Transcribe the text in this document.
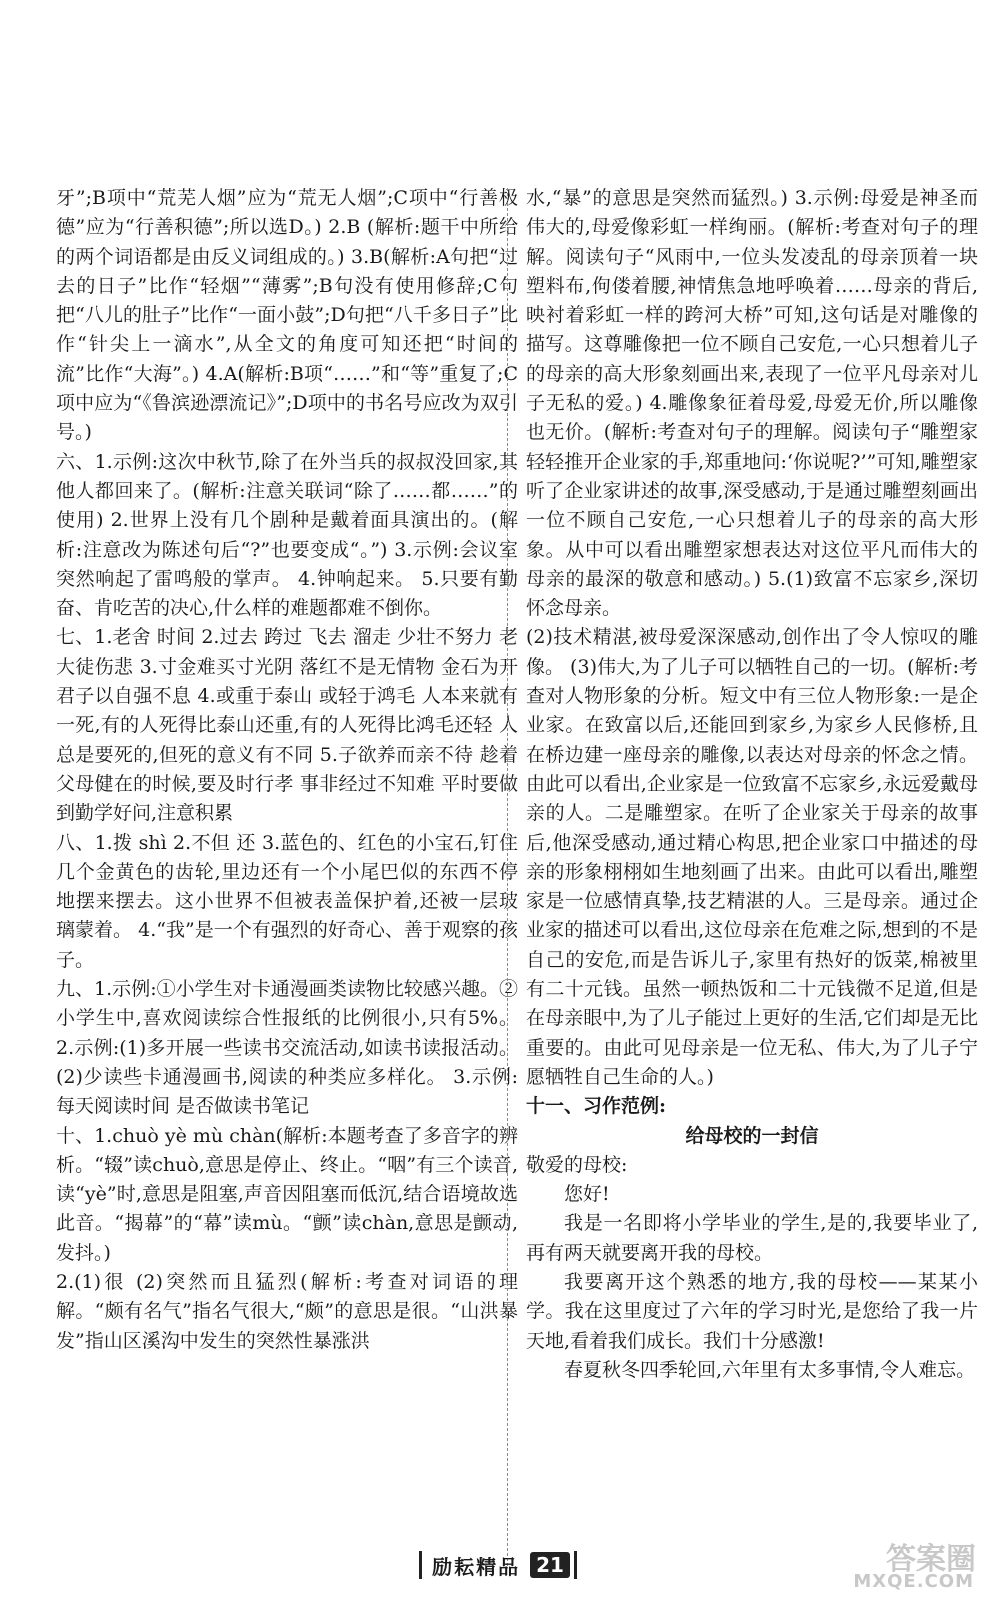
牙”;B项中“荒芜人烟”应为“荒无人烟”;C项中“行善极德”应为“行善积德”;所以选D。) 2.B (解析:题干中所给的两个词语都是由反义词组成的。) 3.B(解析:A句把“过去的日子”比作“轻烟”“薄雾”;B句没有使用修辞;C句把“八儿的肚子”比作“一面小鼓”;D句把“八千多日子”比作“针尖上一滴水”,从全文的角度可知还把“时间的流”比作“大海”。) 4.A(解析:B项“……”和“等”重复了;C项中应为“《鲁滨逊漂流记》”;D项中的书名号应改为双引号。)

六、1.示例:这次中秋节,除了在外当兵的叔叔没回家,其他人都回来了。(解析:注意关联词“除了……都……”的使用) 2.世界上没有几个剧种是戴着面具演出的。(解析:注意改为陈述句后“?”也要变成“。”) 3.示例:会议室突然响起了雷鸣般的掌声。 4.钟响起来。 5.只要有勤奋、肯吃苦的决心,什么样的难题都难不倒你。

七、1.老舍 时间 2.过去 跨过 飞去 溜走 少壮不努力 老大徒伤悲 3.寸金难买寸光阴 落红不是无情物 金石为开 君子以自强不息 4.或重于泰山 或轻于鸿毛 人本来就有一死,有的人死得比泰山还重,有的人死得比鸿毛还轻 人总是要死的,但死的意义有不同 5.子欲养而亲不待 趁着父母健在的时候,要及时行孝 事非经过不知难 平时要做到勤学好问,注意积累

八、1.拨 shì 2.不但 还 3.蓝色的、红色的小宝石,钉住几个金黄色的齿轮,里边还有一个小尾巴似的东西不停地摆来摆去。这小世界不但被表盖保护着,还被一层玻璃蒙着。 4.“我”是一个有强烈的好奇心、善于观察的孩子。

九、1.示例:①小学生对卡通漫画类读物比较感兴趣。②小学生中,喜欢阅读综合性报纸的比例很小,只有5%。 2.示例:(1)多开展一些读书交流活动,如读书读报活动。 (2)少读些卡通漫画书,阅读的种类应多样化。 3.示例:每天阅读时间 是否做读书笔记

十、1.chuò yè mù chàn(解析:本题考查了多音字的辨析。“辍”读chuò,意思是停止、终止。“咽”有三个读音,读“yè”时,意思是阻塞,声音因阻塞而低沉,结合语境故选此音。“揭幕”的“幕”读mù。“颤”读chàn,意思是颤动,发抖。)

2.(1)很 (2)突然而且猛烈(解析:考查对词语的理解。“颇有名气”指名气很大,“颇”的意思是很。“山洪暴发”指山区溪沟中发生的突然性暴涨洪

水,“暴”的意思是突然而猛烈。) 3.示例:母爱是神圣而伟大的,母爱像彩虹一样绚丽。(解析:考查对句子的理解。阅读句子“风雨中,一位头发凌乱的母亲顶着一块塑料布,佝偻着腰,神情焦急地呼唤着……母亲的背后,映衬着彩虹一样的跨河大桥”可知,这句话是对雕像的描写。这尊雕像把一位不顾自己安危,一心只想着儿子的母亲的高大形象刻画出来,表现了一位平凡母亲对儿子无私的爱。) 4.雕像象征着母爱,母爱无价,所以雕像也无价。(解析:考查对句子的理解。阅读句子“雕塑家轻轻推开企业家的手,郑重地问:‘你说呢?’”可知,雕塑家听了企业家讲述的故事,深受感动,于是通过雕塑刻画出一位不顾自己安危,一心只想着儿子的母亲的高大形象。从中可以看出雕塑家想表达对这位平凡而伟大的母亲的最深的敬意和感动。) 5.(1)致富不忘家乡,深切怀念母亲。

(2)技术精湛,被母爱深深感动,创作出了令人惊叹的雕像。 (3)伟大,为了儿子可以牺牲自己的一切。(解析:考查对人物形象的分析。短文中有三位人物形象:一是企业家。在致富以后,还能回到家乡,为家乡人民修桥,且在桥边建一座母亲的雕像,以表达对母亲的怀念之情。由此可以看出,企业家是一位致富不忘家乡,永远爱戴母亲的人。二是雕塑家。在听了企业家关于母亲的故事后,他深受感动,通过精心构思,把企业家口中描述的母亲的形象栩栩如生地刻画了出来。由此可以看出,雕塑家是一位感情真挚,技艺精湛的人。三是母亲。通过企业家的描述可以看出,这位母亲在危难之际,想到的不是自己的安危,而是告诉儿子,家里有热好的饭菜,棉被里有二十元钱。虽然一顿热饭和二十元钱微不足道,但是在母亲眼中,为了儿子能过上更好的生活,它们却是无比重要的。由此可见母亲是一位无私、伟大,为了儿子宁愿牺牲自己生命的人。)

十一、习作范例:

给母校的一封信

敬爱的母校:

您好!

我是一名即将小学毕业的学生,是的,我要毕业了,再有两天就要离开我的母校。

我要离开这个熟悉的地方,我的母校——某某小学。我在这里度过了六年的学习时光,是您给了我一片天地,看着我们成长。我们十分感激!

春夏秋冬四季轮回,六年里有太多事情,令人难忘。

励耘精品 21	答案圈
MXQE.COM
